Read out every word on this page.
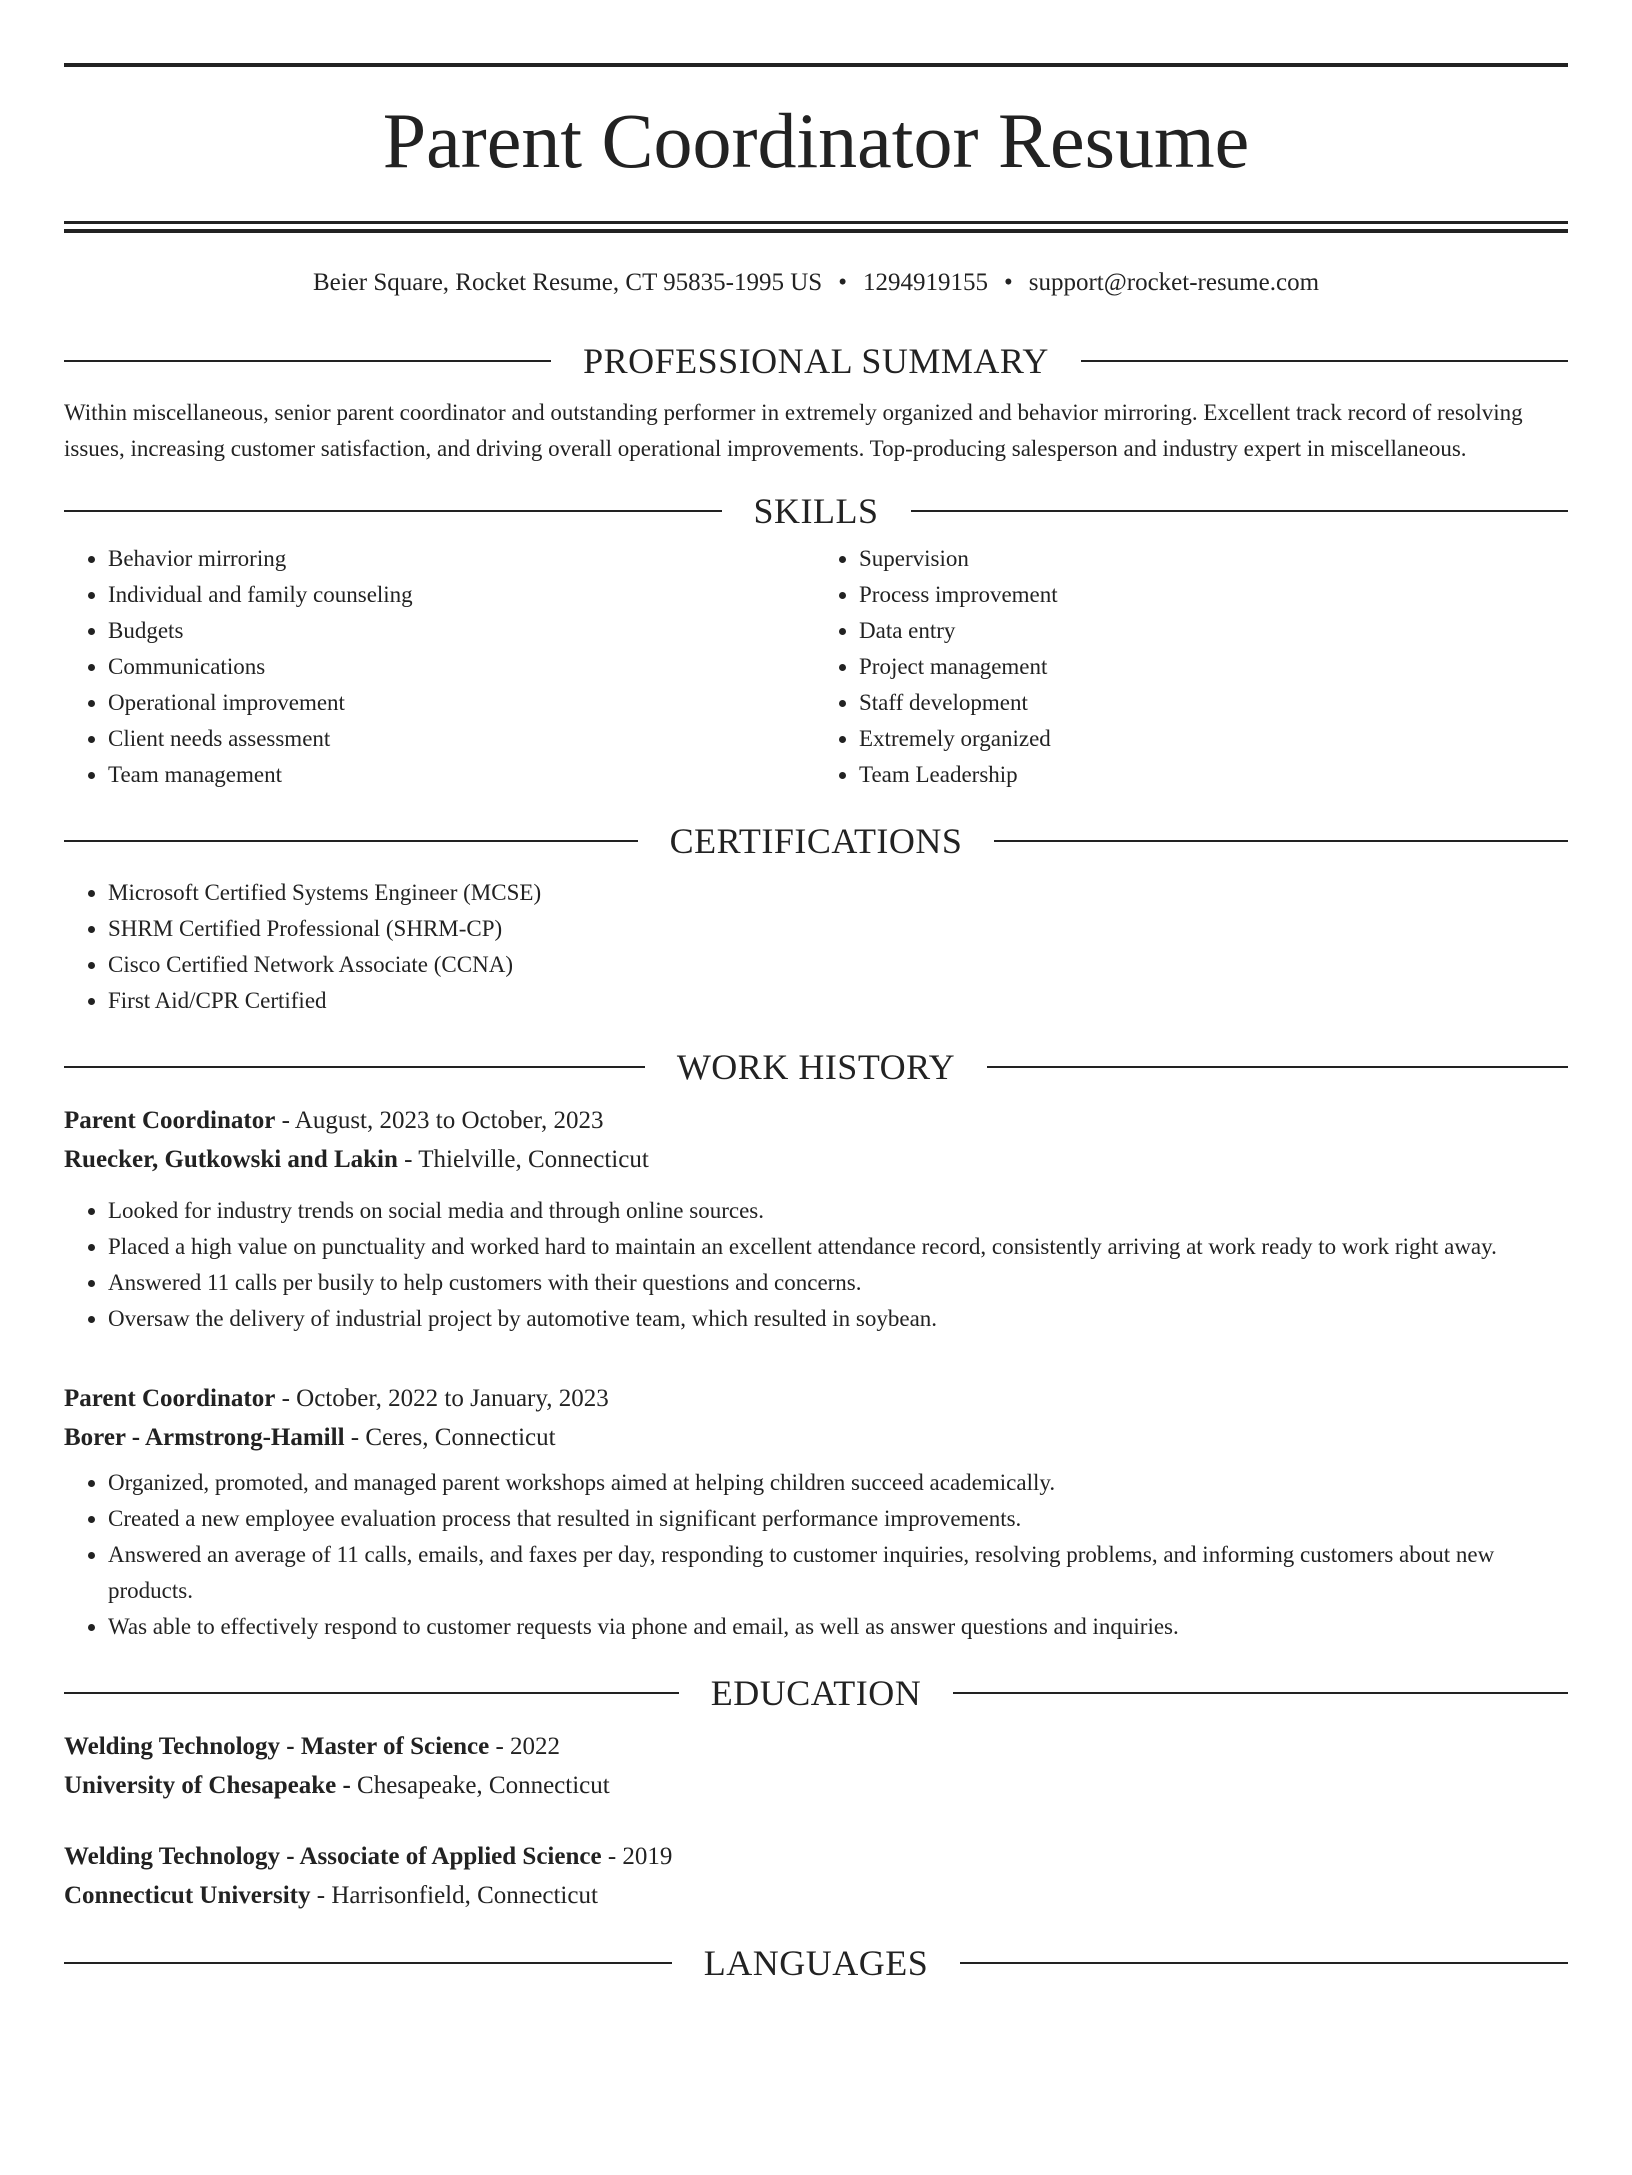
Parent Coordinator Resume
Beier Square, Rocket Resume, CT 95835-1995 US • 1294919155 • support@rocket-resume.com
PROFESSIONAL SUMMARY

Within miscellaneous, senior parent coordinator and outstanding performer in extremely organized and behavior mirroring. Excellent track record of resolving issues, increasing customer satisfaction, and driving overall operational improvements. Top-producing salesperson and industry expert in miscellaneous.

SKILLS
• Behavior mirroring
• Individual and family counseling
• Budgets
• Communications
• Operational improvement
• Client needs assessment
• Team management
• Supervision
• Process improvement
• Data entry
• Project management
• Staff development
• Extremely organized
• Team Leadership
CERTIFICATIONS
• Microsoft Certified Systems Engineer (MCSE)
• SHRM Certified Professional (SHRM-CP)
• Cisco Certified Network Associate (CCNA)
• First Aid/CPR Certified
WORK HISTORY
Parent Coordinator - August, 2023 to October, 2023
Ruecker, Gutkowski and Lakin - Thielville, Connecticut
• Looked for industry trends on social media and through online sources.
• Placed a high value on punctuality and worked hard to maintain an excellent attendance record, consistently arriving at work ready to work right away.
• Answered 11 calls per busily to help customers with their questions and concerns.
• Oversaw the delivery of industrial project by automotive team, which resulted in soybean.
Parent Coordinator - October, 2022 to January, 2023
Borer - Armstrong-Hamill - Ceres, Connecticut
• Organized, promoted, and managed parent workshops aimed at helping children succeed academically.
• Created a new employee evaluation process that resulted in significant performance improvements.
• Answered an average of 11 calls, emails, and faxes per day, responding to customer inquiries, resolving problems, and informing customers about new products.
• Was able to effectively respond to customer requests via phone and email, as well as answer questions and inquiries.
EDUCATION
Welding Technology - Master of Science - 2022
University of Chesapeake - Chesapeake, Connecticut
Welding Technology - Associate of Applied Science - 2019
Connecticut University - Harrisonfield, Connecticut
LANGUAGES
